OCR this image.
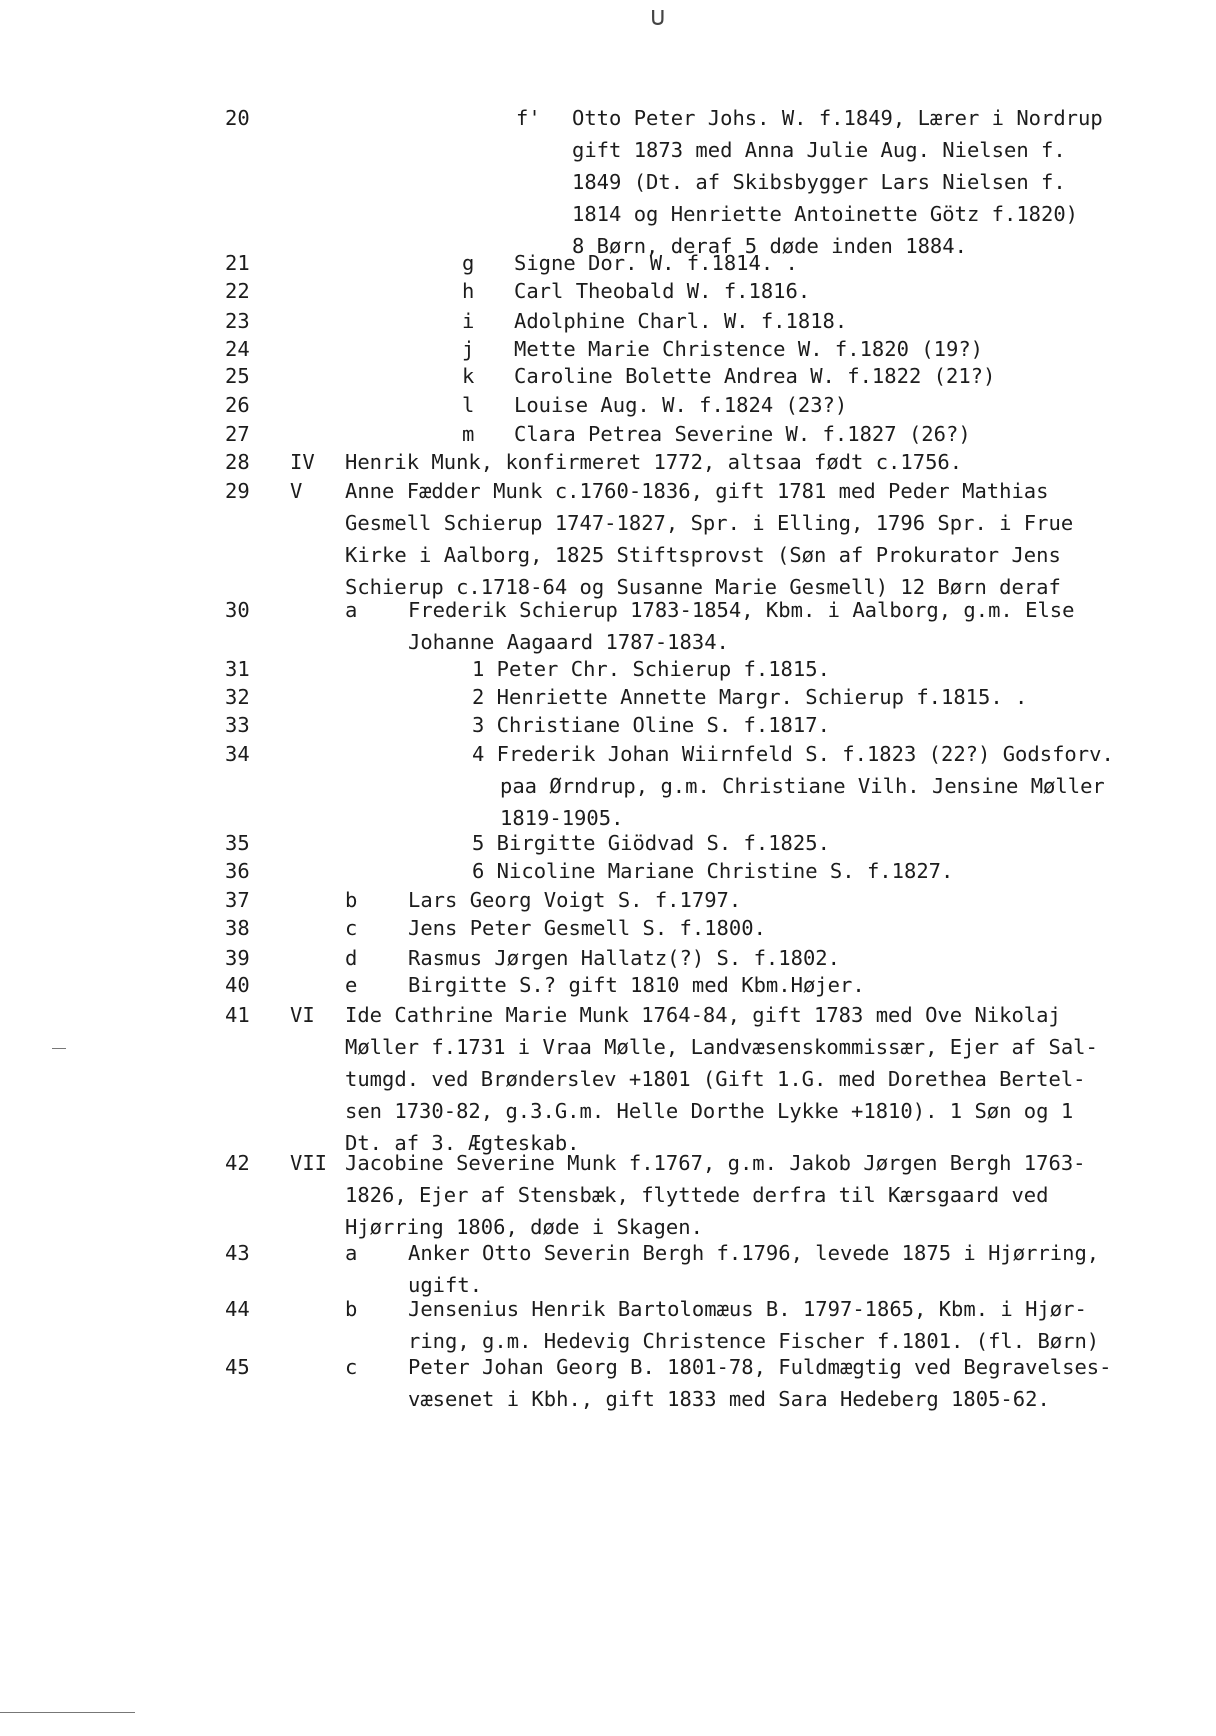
∪
20	f' Otto Peter Johs. W. f.1849, Lærer i Nordrup
gift 1873 med Anna Julie Aug. Nielsen f.
1849 (Dt. af Skibsbygger Lars Nielsen f.
1814 og Henriette Antoinette Götz f.1820)
8 Børn, deraf 5 døde inden 1884.
21	g Signe Dor. W. f.1814. .
22	h Carl Theobald W. f.1816.
23	i Adolphine Charl. W. f.1818.
24	j Mette Marie Christence W. f.1820 (19?)
25	k Caroline Bolette Andrea W. f.1822 (21?)
26	l Louise Aug. W. f.1824 (23?)
27	m Clara Petrea Severine W. f.1827 (26?)
28 IV Henrik Munk, konfirmeret 1772, altsaa født c.1756.
29 V Anne Fædder Munk c.1760-1836, gift 1781 med Peder Mathias
Gesmell Schierup 1747-1827, Spr. i Elling, 1796 Spr. i Frue
Kirke i Aalborg, 1825 Stiftsprovst (Søn af Prokurator Jens
Schierup c.1718-64 og Susanne Marie Gesmell) 12 Børn deraf
30	a Frederik Schierup 1783-1854, Kbm. i Aalborg, g.m. Else
Johanne Aagaard 1787-1834.
31	1 Peter Chr. Schierup f.1815.
32	2 Henriette Annette Margr. Schierup f.1815. .
33	3 Christiane Oline S. f.1817.
34	4 Frederik Johan Wiirnfeld S. f.1823 (22?) Godsforv.
paa Ørndrup, g.m. Christiane Vilh. Jensine Møller
1819-1905.
35	5 Birgitte Giödvad S. f.1825.
36	6 Nicoline Mariane Christine S. f.1827.
37	b Lars Georg Voigt S. f.1797.
38	c Jens Peter Gesmell S. f.1800.
39	d Rasmus Jørgen Hallatz(?) S. f.1802.
40	e Birgitte S.? gift 1810 med Kbm.Højer.
41 VI Ide Cathrine Marie Munk 1764-84, gift 1783 med Ove Nikolaj
Møller f.1731 i Vraa Mølle, Landvæsenskommissær, Ejer af Sal-
tumgd. ved Brønderslev +1801 (Gift 1.G. med Dorethea Bertel-
sen 1730-82, g.3.G.m. Helle Dorthe Lykke +1810). 1 Søn og 1
Dt. af 3. Ægteskab.
42 VII Jacobine Severine Munk f.1767, g.m. Jakob Jørgen Bergh 1763-
1826, Ejer af Stensbæk, flyttede derfra til Kærsgaard ved
Hjørring 1806, døde i Skagen.
43	a Anker Otto Severin Bergh f.1796, levede 1875 i Hjørring,
ugift.
44	b Jensenius Henrik Bartolomæus B. 1797-1865, Kbm. i Hjør-
ring, g.m. Hedevig Christence Fischer f.1801. (fl. Børn)
45	c Peter Johan Georg B. 1801-78, Fuldmægtig ved Begravelses-
væsenet i Kbh., gift 1833 med Sara Hedeberg 1805-62.
